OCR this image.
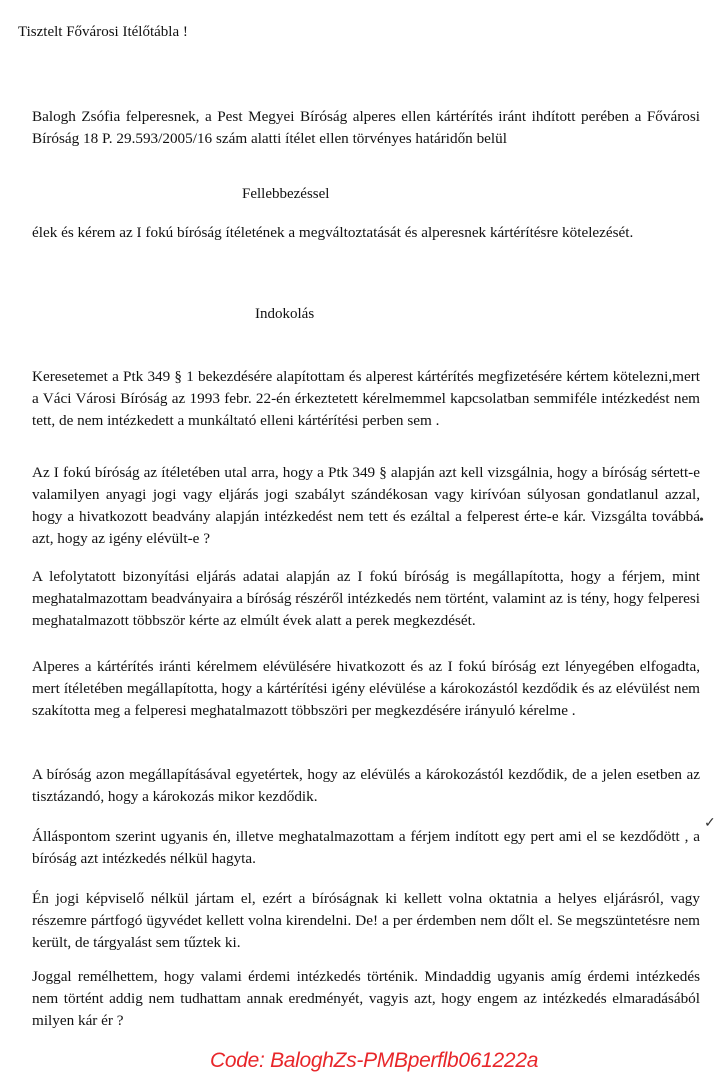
Tisztelt Fővárosi Itélőtábla !
Balogh Zsófia felperesnek, a Pest Megyei Bíróság alperes ellen kártérítés iránt ihdított perében a Fővárosi Bíróság 18 P. 29.593/2005/16 szám alatti ítélet ellen törvényes határidőn belül
Fellebbezéssel
élek és kérem az I fokú bíróság ítéletének a megváltoztatását és alperesnek kártérítésre kötelezését.
Indokolás
Keresetemet a Ptk 349 § 1 bekezdésére alapítottam és alperest kártérítés megfizetésére kértem kötelezni,mert a Váci Városi Bíróság az 1993 febr. 22-én érkeztetett kérelmemmel kapcsolatban semmiféle intézkedést nem tett, de nem intézkedett a munkáltató elleni kártérítési perben sem .
Az I fokú bíróság az ítéletében utal arra, hogy a Ptk 349 § alapján azt kell vizsgálnia, hogy a bíróság sértett-e valamilyen anyagi jogi vagy eljárás jogi szabályt szándékosan vagy kirívóan súlyosan gondatlanul azzal, hogy a hivatkozott beadvány alapján intézkedést nem tett és ezáltal a felperest érte-e kár. Vizsgálta továbbá azt, hogy az igény elévült-e ?
A lefolytatott bizonyítási eljárás adatai alapján az I fokú bíróság is megállapította, hogy a férjem, mint meghatalmazottam beadványaira a bíróság részéről intézkedés nem történt, valamint az is tény, hogy felperesi meghatalmazott többször kérte az elmúlt évek alatt a perek megkezdését.
Alperes a kártérítés iránti kérelmem elévülésére hivatkozott és az I fokú bíróság ezt lényegében elfogadta, mert ítéletében megállapította, hogy a kártérítési igény elévülése a károkozástól kezdődik és az elévülést nem szakította meg a felperesi meghatalmazott többszöri per megkezdésére irányuló kérelme .
A bíróság azon megállapításával egyetértek, hogy az elévülés a károkozástól kezdődik, de a jelen esetben az tisztázandó, hogy a károkozás mikor kezdődik.
Álláspontom szerint ugyanis én, illetve meghatalmazottam a férjem indított egy pert ami el se kezdődött , a bíróság azt intézkedés nélkül hagyta.
Én jogi képviselő nélkül jártam el, ezért a bíróságnak ki kellett volna oktatnia a helyes eljárásról, vagy részemre pártfogó ügyvédet kellett volna kirendelni. De! a per érdemben nem dőlt el. Se megszüntetésre nem került, de tárgyalást sem tűztek ki.
Joggal remélhettem, hogy valami érdemi intézkedés történik. Mindaddig ugyanis amíg érdemi intézkedés nem történt addig nem tudhattam annak eredményét, vagyis azt, hogy engem az intézkedés elmaradásából milyen kár ér ?
•
✓
Code: BaloghZs-PMBperflb061222a
